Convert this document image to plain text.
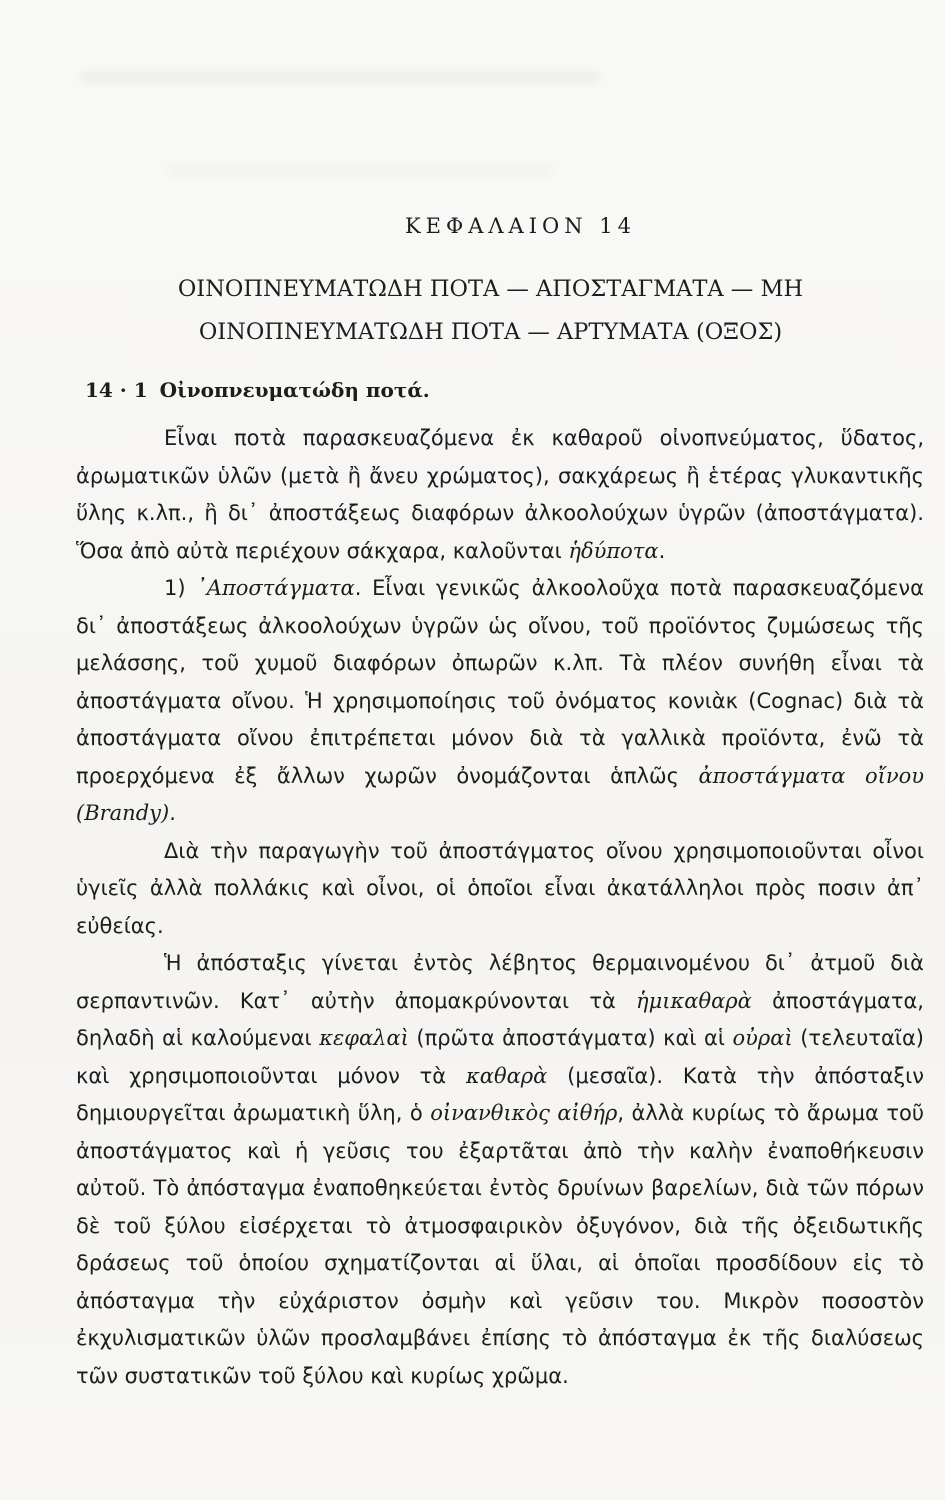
ΚΕΦΑΛΑΙΟΝ 14
ΟΙΝΟΠΝΕΥΜΑΤΩΔΗ ΠΟΤΑ — ΑΠΟΣΤΑΓΜΑΤΑ — ΜΗ
ΟΙΝΟΠΝΕΥΜΑΤΩΔΗ ΠΟΤΑ — ΑΡΤΥΜΑΤΑ (ΟΞΟΣ)
14 · 1 Οἰνοπνευματώδη ποτά.

Εἶναι ποτὰ παρασκευαζόμενα ἐκ καθαροῦ οἰνοπνεύματος, ὕδατος, ἀρωματικῶν ὑλῶν (μετὰ ἢ ἄνευ χρώματος), σακχάρεως ἢ ἑτέρας γλυκαντικῆς ὕλης κ.λπ., ἢ δι᾽ ἀποστάξεως διαφόρων ἀλκοολούχων ὑγρῶν (ἀποστάγματα). Ὅσα ἀπὸ αὐτὰ περιέχουν σάκχαρα, καλοῦνται ἡδύποτα.

1) ᾽Αποστάγματα. Εἶναι γενικῶς ἀλκοολοῦχα ποτὰ παρασκευαζόμενα δι᾽ ἀποστάξεως ἀλκοολούχων ὑγρῶν ὡς οἴνου, τοῦ προϊόντος ζυμώσεως τῆς μελάσσης, τοῦ χυμοῦ διαφόρων ὀπωρῶν κ.λπ. Τὰ πλέον συνήθη εἶναι τὰ ἀποστάγματα οἴνου. Ἡ χρησιμοποίησις τοῦ ὀνόματος κονιὰκ (Cognac) διὰ τὰ ἀποστάγματα οἴνου ἐπιτρέπεται μόνον διὰ τὰ γαλλικὰ προϊόντα, ἐνῶ τὰ προερχόμενα ἐξ ἄλλων χωρῶν ὀνομάζονται ἁπλῶς ἀποστάγματα οἴνου (Brandy).

Διὰ τὴν παραγωγὴν τοῦ ἀποστάγματος οἴνου χρησιμοποιοῦνται οἶνοι ὑγιεῖς ἀλλὰ πολλάκις καὶ οἶνοι, οἱ ὁποῖοι εἶναι ἀκατάλληλοι πρὸς ποσιν ἀπ᾽ εὐθείας.

Ἡ ἀπόσταξις γίνεται ἐντὸς λέβητος θερμαινομένου δι᾽ ἀτμοῦ διὰ σερπαντινῶν. Κατ᾽ αὐτὴν ἀπομακρύνονται τὰ ἡμικαθαρὰ ἀποστάγματα, δηλαδὴ αἱ καλούμεναι κεφαλαὶ (πρῶτα ἀποστάγματα) καὶ αἱ οὐραὶ (τελευταῖα) καὶ χρησιμοποιοῦνται μόνον τὰ καθαρὰ (μεσαῖα). Κατὰ τὴν ἀπόσταξιν δημιουργεῖται ἀρωματικὴ ὕλη, ὁ οἰνανθικὸς αἰθήρ, ἀλλὰ κυρίως τὸ ἄρωμα τοῦ ἀποστάγματος καὶ ἡ γεῦσις του ἐξαρτᾶται ἀπὸ τὴν καλὴν ἐναποθήκευσιν αὐτοῦ. Τὸ ἀπόσταγμα ἐναποθηκεύεται ἐντὸς δρυίνων βαρελίων, διὰ τῶν πόρων δὲ τοῦ ξύλου εἰσέρχεται τὸ ἀτμοσφαιρικὸν ὀξυγόνον, διὰ τῆς ὀξειδωτικῆς δράσεως τοῦ ὁποίου σχηματίζονται αἱ ὕλαι, αἱ ὁποῖαι προσδίδουν εἰς τὸ ἀπόσταγμα τὴν εὐχάριστον ὀσμὴν καὶ γεῦσιν του. Μικρὸν ποσοστὸν ἐκχυλισματικῶν ὑλῶν προσλαμβάνει ἐπίσης τὸ ἀπόσταγμα ἐκ τῆς διαλύσεως τῶν συστατικῶν τοῦ ξύλου καὶ κυρίως χρῶμα.
